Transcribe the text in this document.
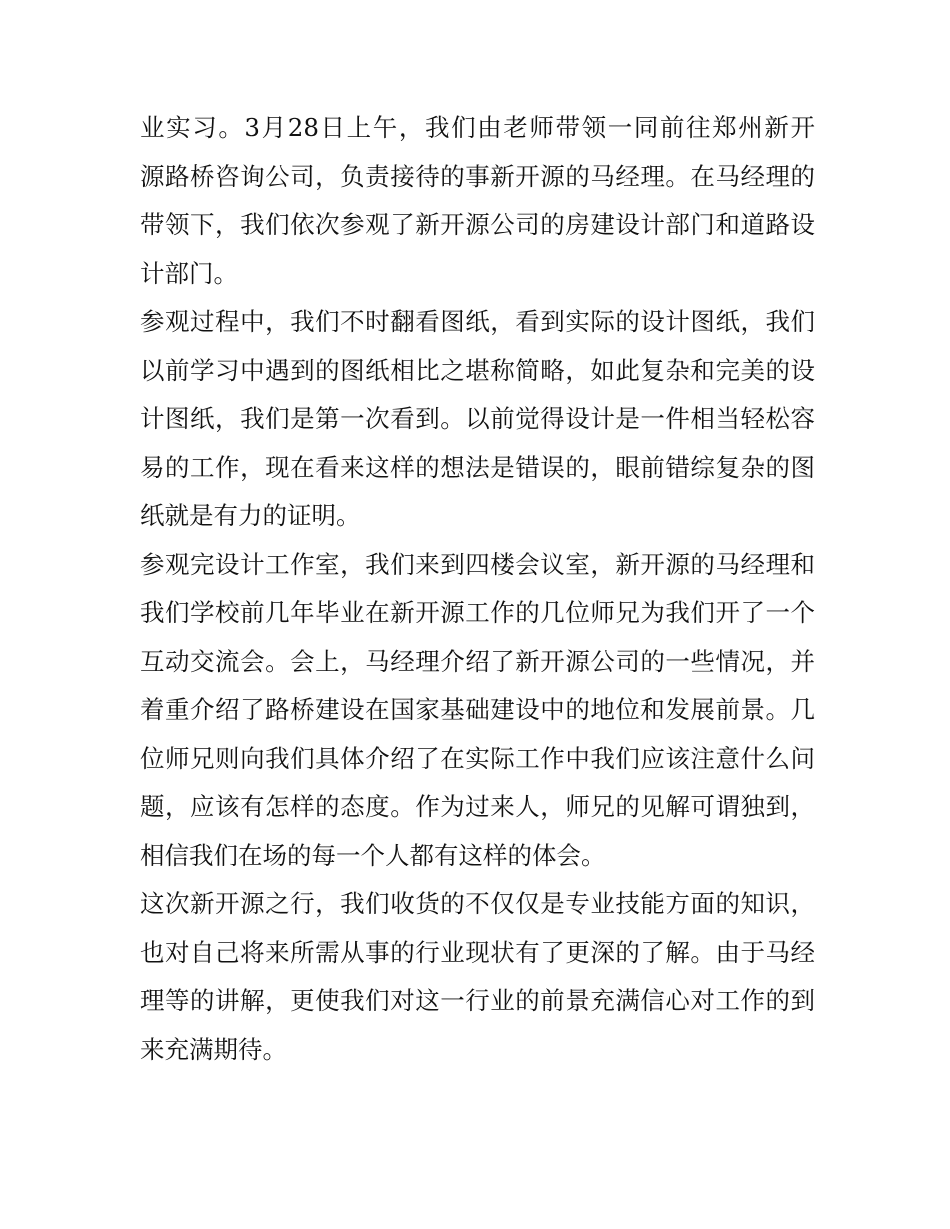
业实习。3月28日上午，我们由老师带领一同前往郑州新开
源路桥咨询公司，负责接待的事新开源的马经理。在马经理的
带领下，我们依次参观了新开源公司的房建设计部门和道路设
计部门。
参观过程中，我们不时翻看图纸，看到实际的设计图纸，我们
以前学习中遇到的图纸相比之堪称简略，如此复杂和完美的设
计图纸，我们是第一次看到。以前觉得设计是一件相当轻松容
易的工作，现在看来这样的想法是错误的，眼前错综复杂的图
纸就是有力的证明。
参观完设计工作室，我们来到四楼会议室，新开源的马经理和
我们学校前几年毕业在新开源工作的几位师兄为我们开了一个
互动交流会。会上，马经理介绍了新开源公司的一些情况，并
着重介绍了路桥建设在国家基础建设中的地位和发展前景。几
位师兄则向我们具体介绍了在实际工作中我们应该注意什么问
题，应该有怎样的态度。作为过来人，师兄的见解可谓独到，
相信我们在场的每一个人都有这样的体会。
这次新开源之行，我们收货的不仅仅是专业技能方面的知识，
也对自己将来所需从事的行业现状有了更深的了解。由于马经
理等的讲解，更使我们对这一行业的前景充满信心对工作的到
来充满期待。
